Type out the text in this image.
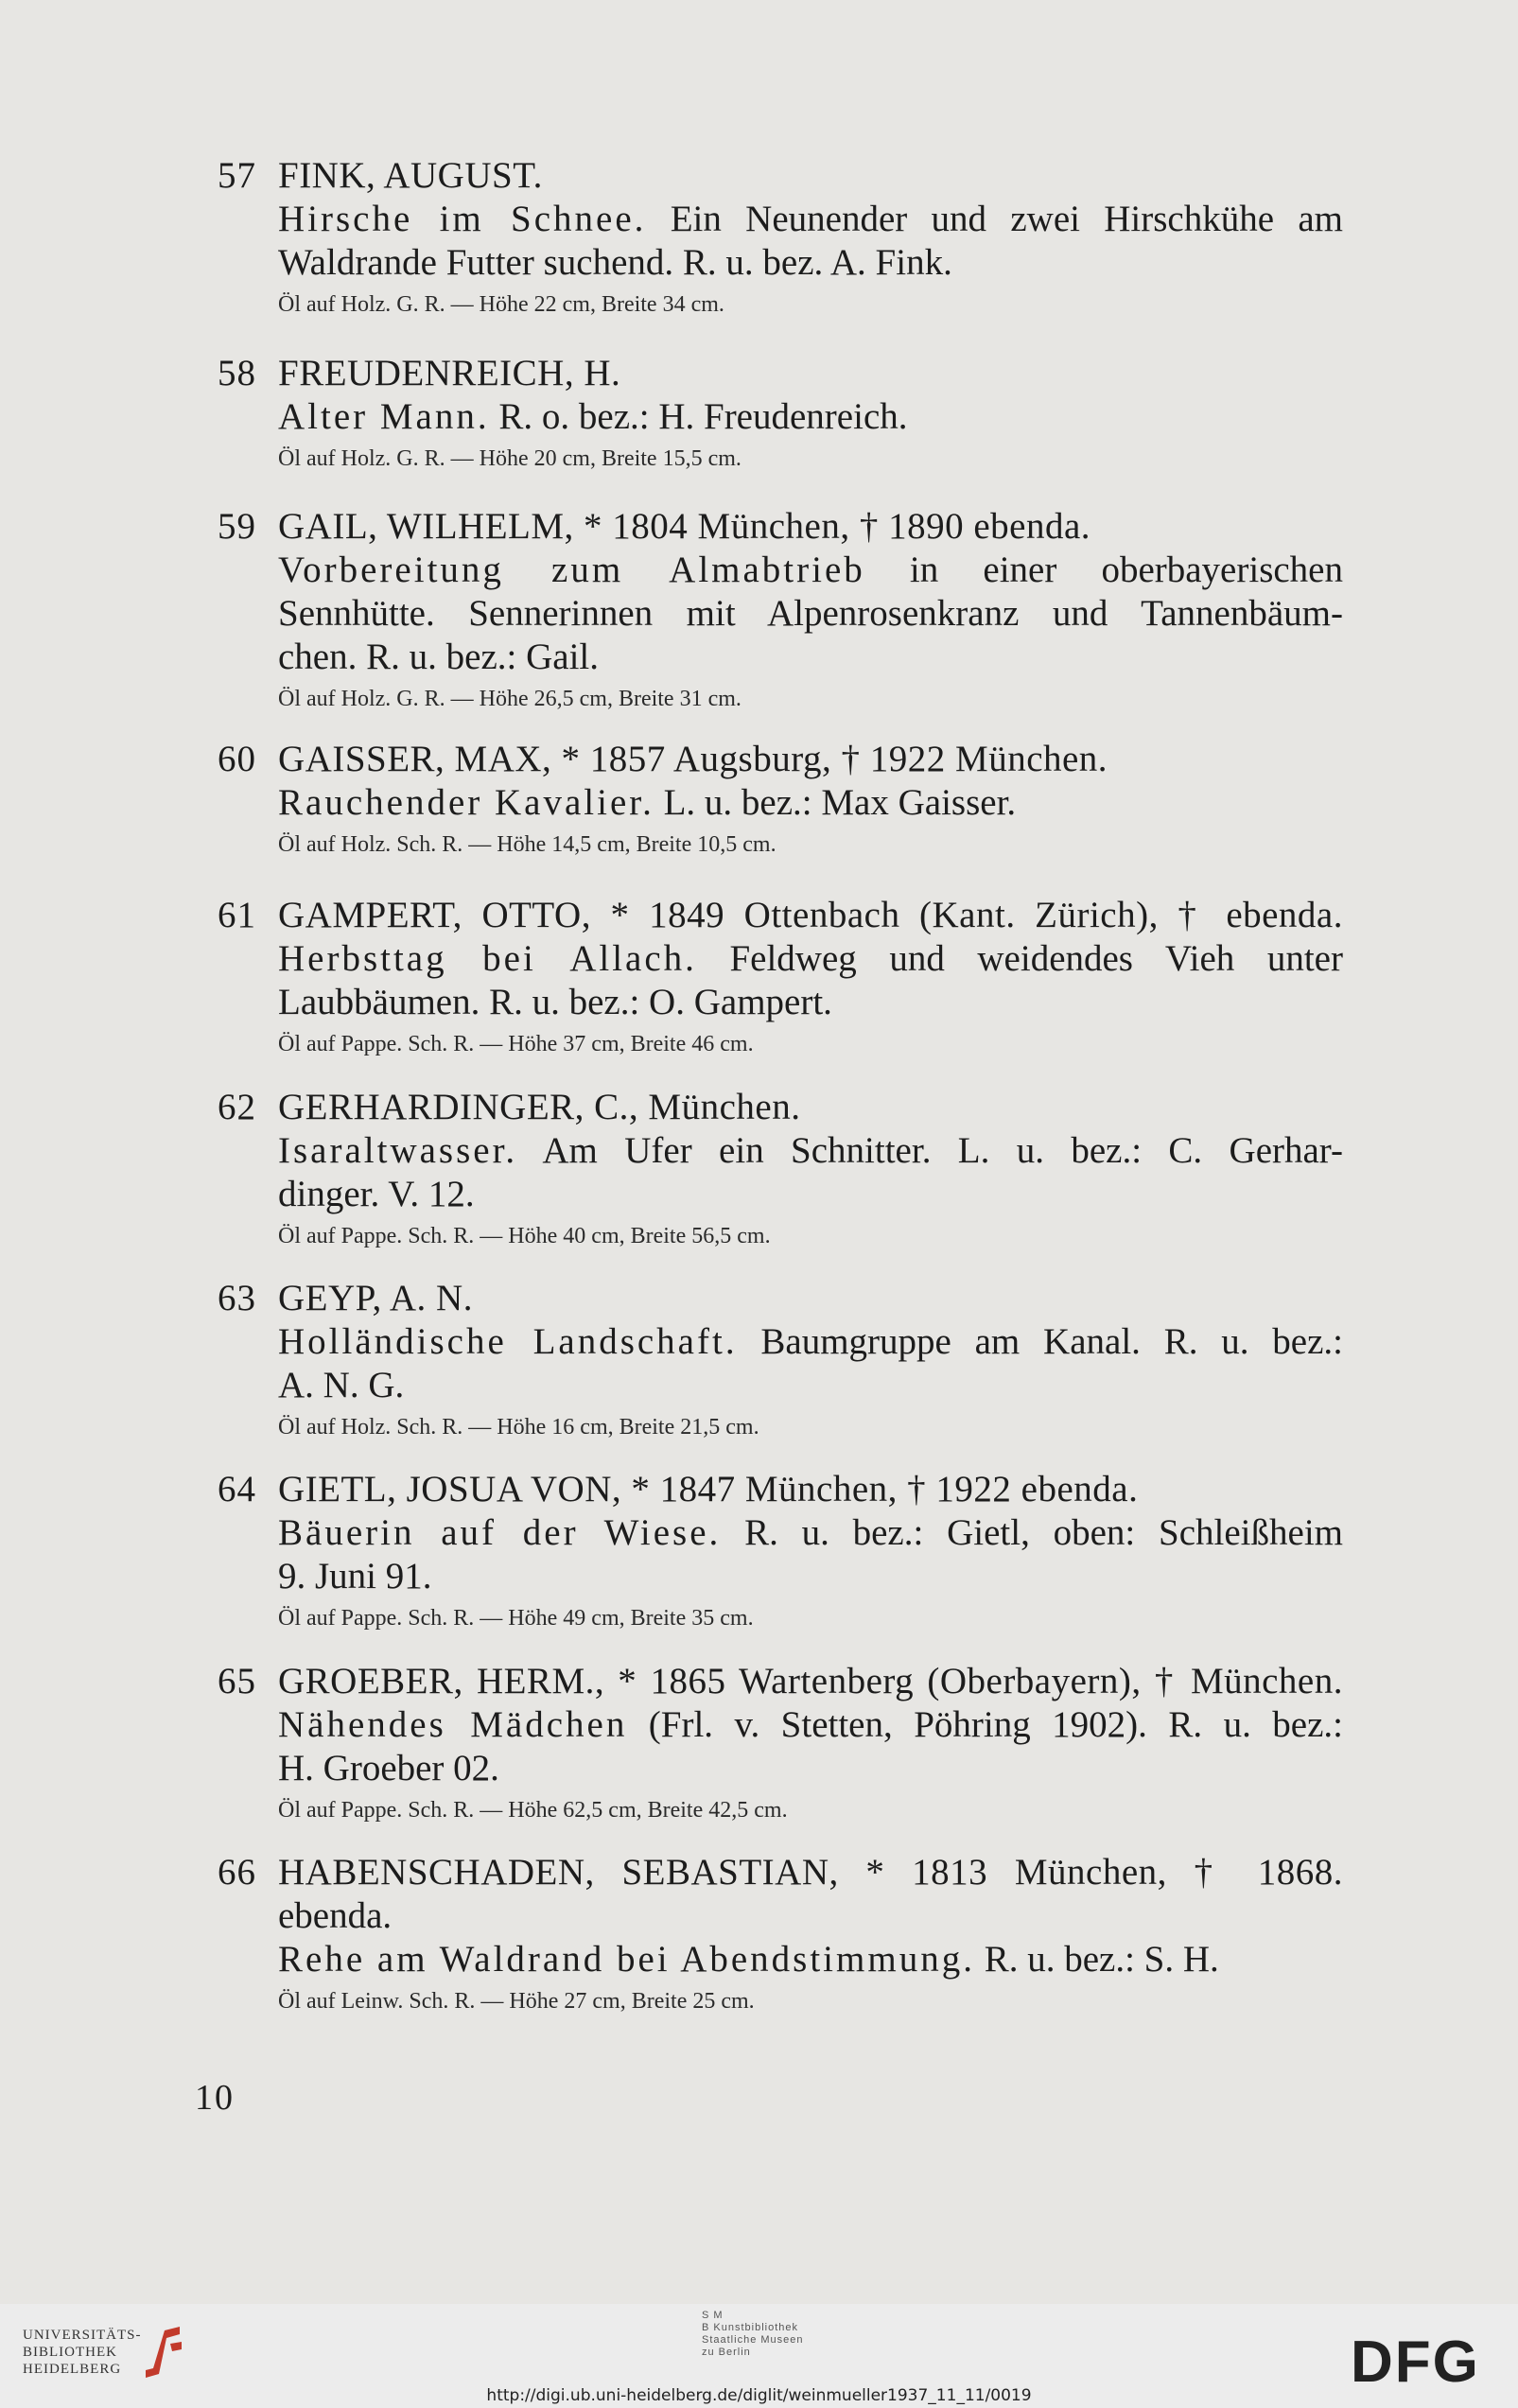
57 FINK, AUGUST.
Hirsche im Schnee. Ein Neunender und zwei Hirschkühe am
Waldrande Futter suchend. R. u. bez. A. Fink.
Öl auf Holz. G. R. — Höhe 22 cm, Breite 34 cm.
58 FREUDENREICH, H.
Alter Mann. R. o. bez.: H. Freudenreich.
Öl auf Holz. G. R. — Höhe 20 cm, Breite 15,5 cm.
59 GAIL, WILHELM, * 1804 München, † 1890 ebenda.
Vorbereitung zum Almabtrieb in einer oberbayerischen
Sennhütte. Sennerinnen mit Alpenrosenkranz und Tannenbäum-
chen. R. u. bez.: Gail.
Öl auf Holz. G. R. — Höhe 26,5 cm, Breite 31 cm.
60 GAISSER, MAX, * 1857 Augsburg, † 1922 München.
Rauchender Kavalier. L. u. bez.: Max Gaisser.
Öl auf Holz. Sch. R. — Höhe 14,5 cm, Breite 10,5 cm.
61 GAMPERT, OTTO, * 1849 Ottenbach (Kant. Zürich), † ebenda.
Herbsttag bei Allach. Feldweg und weidendes Vieh unter
Laubbäumen. R. u. bez.: O. Gampert.
Öl auf Pappe. Sch. R. — Höhe 37 cm, Breite 46 cm.
62 GERHARDINGER, C., München.
Isaraltwasser. Am Ufer ein Schnitter. L. u. bez.: C. Gerhar-
dinger. V. 12.
Öl auf Pappe. Sch. R. — Höhe 40 cm, Breite 56,5 cm.
63 GEYP, A. N.
Holländische Landschaft. Baumgruppe am Kanal. R. u. bez.:
A. N. G.
Öl auf Holz. Sch. R. — Höhe 16 cm, Breite 21,5 cm.
64 GIETL, JOSUA VON, * 1847 München, † 1922 ebenda.
Bäuerin auf der Wiese. R. u. bez.: Gietl, oben: Schleißheim
9. Juni 91.
Öl auf Pappe. Sch. R. — Höhe 49 cm, Breite 35 cm.
65 GROEBER, HERM., * 1865 Wartenberg (Oberbayern), † München.
Nähendes Mädchen (Frl. v. Stetten, Pöhring 1902). R. u. bez.:
H. Groeber 02.
Öl auf Pappe. Sch. R. — Höhe 62,5 cm, Breite 42,5 cm.
66 HABENSCHADEN, SEBASTIAN, * 1813 München, † 1868.
ebenda.
Rehe am Waldrand bei Abendstimmung. R. u. bez.: S. H.
Öl auf Leinw. Sch. R. — Höhe 27 cm, Breite 25 cm.
10
UNIVERSITÄTS-
BIBLIOTHEK
HEIDELBERG
S M
B Kunstbibliothek
Staatliche Museen
zu Berlin	DFG
http://digi.ub.uni-heidelberg.de/diglit/weinmueller1937_11_11/0019
